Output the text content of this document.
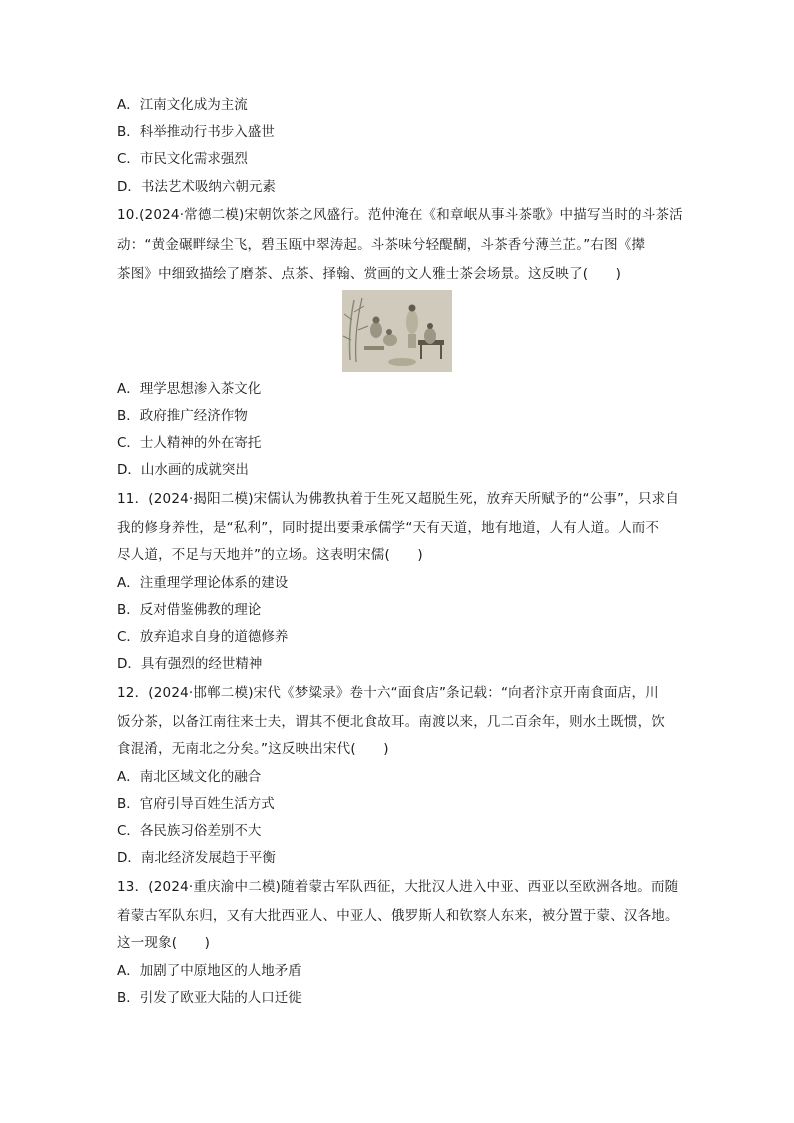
A．江南文化成为主流
B．科举推动行书步入盛世
C．市民文化需求强烈
D．书法艺术吸纳六朝元素
10.(2024·常德二模)宋朝饮茶之风盛行。范仲淹在《和章岷从事斗茶歌》中描写当时的斗茶活
动：“黄金碾畔绿尘飞，碧玉瓯中翠涛起。斗茶味兮轻醍醐，斗茶香兮薄兰芷。”右图《撵
茶图》中细致描绘了磨茶、点茶、择翰、赏画的文人雅士茶会场景。这反映了(　　)
A．理学思想渗入茶文化
B．政府推广经济作物
C．士人精神的外在寄托
D．山水画的成就突出
11．(2024·揭阳二模)宋儒认为佛教执着于生死又超脱生死，放弃天所赋予的“公事”，只求自
我的修身养性，是“私利”，同时提出要秉承儒学“天有天道，地有地道，人有人道。人而不
尽人道，不足与天地并”的立场。这表明宋儒(　　)
A．注重理学理论体系的建设
B．反对借鉴佛教的理论
C．放弃追求自身的道德修养
D．具有强烈的经世精神
12．(2024·邯郸二模)宋代《梦粱录》卷十六“面食店”条记载：“向者汴京开南食面店，川
饭分茶，以备江南往来士夫，谓其不便北食故耳。南渡以来，几二百余年，则水土既惯，饮
食混淆，无南北之分矣。”这反映出宋代(　　)
A．南北区域文化的融合
B．官府引导百姓生活方式
C．各民族习俗差别不大
D．南北经济发展趋于平衡
13．(2024·重庆渝中二模)随着蒙古军队西征，大批汉人进入中亚、西亚以至欧洲各地。而随
着蒙古军队东归，又有大批西亚人、中亚人、俄罗斯人和钦察人东来，被分置于蒙、汉各地。
这一现象(　　)
A．加剧了中原地区的人地矛盾
B．引发了欧亚大陆的人口迁徙
